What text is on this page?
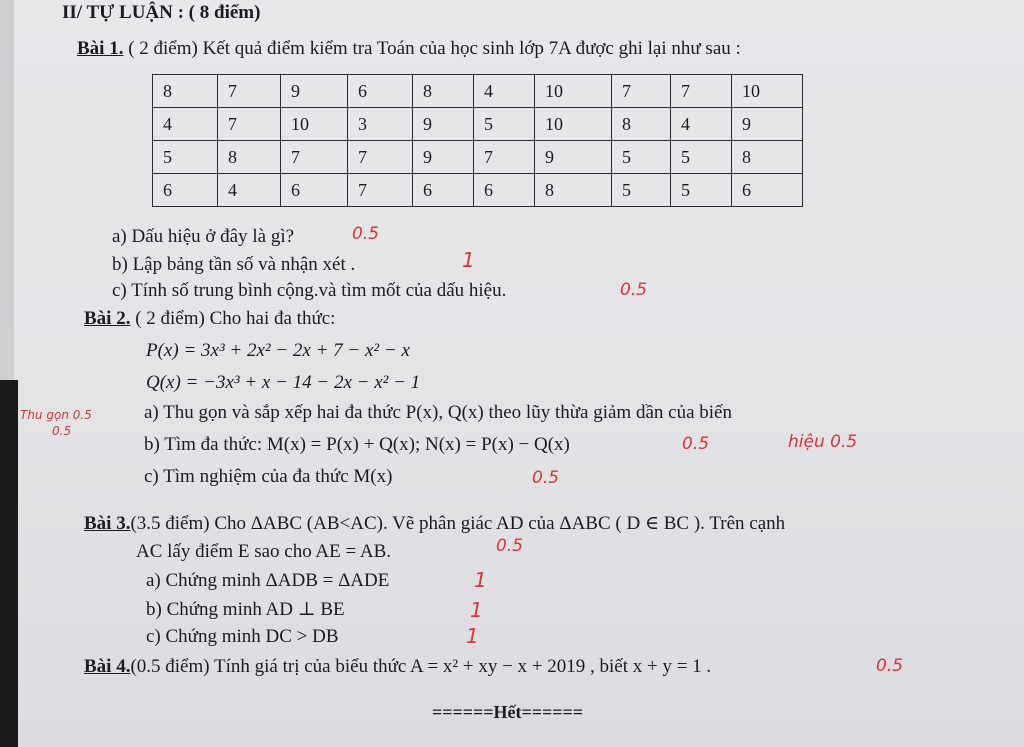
II/ TỰ LUẬN : ( 8 điểm)
Bài 1. ( 2 điểm) Kết quả điểm kiểm tra Toán của học sinh lớp 7A được ghi lại như sau :
8	7	9	6	8	4	10	7	7	10
4	7	10	3	9	5	10	8	4	9
5	8	7	7	9	7	9	5	5	8
6	4	6	7	6	6	8	5	5	6
a) Dấu hiệu ở đây là gì?
b) Lập bảng tần số và nhận xét .
c) Tính số trung bình cộng.và tìm mốt của dấu hiệu.
Bài 2. ( 2 điểm) Cho hai đa thức:
P(x) = 3x³ + 2x² − 2x + 7 − x² − x
Q(x) = −3x³ + x − 14 − 2x − x² − 1
a) Thu gọn và sắp xếp hai đa thức P(x), Q(x) theo lũy thừa giảm dần của biến
b) Tìm đa thức: M(x) = P(x) + Q(x); N(x) = P(x) − Q(x)
c) Tìm nghiệm của đa thức M(x)
Bài 3.(3.5 điểm) Cho ΔABC (AB<AC). Vẽ phân giác AD của ΔABC ( D ∈ BC ). Trên cạnh
AC lấy điểm E sao cho AE = AB.
a) Chứng minh ΔADB = ΔADE
b) Chứng minh AD ⊥ BE
c) Chứng minh DC > DB
Bài 4.(0.5 điểm) Tính giá trị của biểu thức A = x² + xy − x + 2019 , biết x + y = 1 .
======Hết======
0.5
1
0.5
Thu gọn 0.5
0.5
0.5	hiệu 0.5
0.5
0.5
1
1
1
0.5
